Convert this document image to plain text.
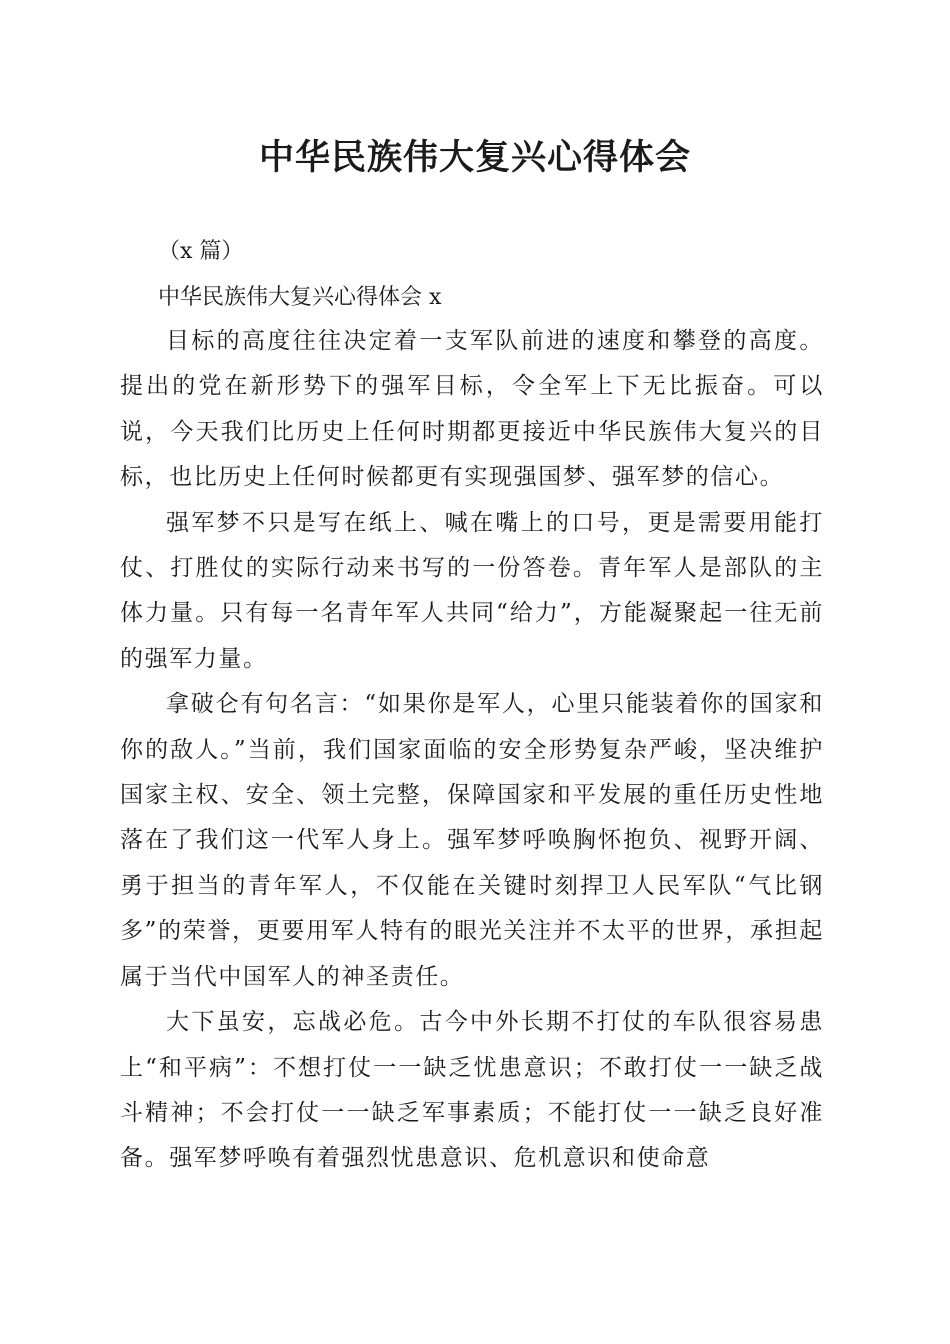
中华民族伟大复兴心得体会
（x 篇）
中华民族伟大复兴心得体会 x

目标的高度往往决定着一支军队前进的速度和攀登的高度。提出的党在新形势下的强军目标，令全军上下无比振奋。可以说，今天我们比历史上任何时期都更接近中华民族伟大复兴的目标，也比历史上任何时候都更有实现强国梦、强军梦的信心。

强军梦不只是写在纸上、喊在嘴上的口号，更是需要用能打仗、打胜仗的实际行动来书写的一份答卷。青年军人是部队的主体力量。只有每一名青年军人共同“给力”，方能凝聚起一往无前的强军力量。

拿破仑有句名言：“如果你是军人，心里只能装着你的国家和你的敌人。”当前，我们国家面临的安全形势复杂严峻，坚决维护国家主权、安全、领土完整，保障国家和平发展的重任历史性地落在了我们这一代军人身上。强军梦呼唤胸怀抱负、视野开阔、勇于担当的青年军人，不仅能在关键时刻捍卫人民军队“气比钢多”的荣誉，更要用军人特有的眼光关注并不太平的世界，承担起属于当代中国军人的神圣责任。

大下虽安，忘战必危。古今中外长期不打仗的车队很容易患上“和平病”：不想打仗一一缺乏忧患意识；不敢打仗一一缺乏战斗精神；不会打仗一一缺乏军事素质；不能打仗一一缺乏良好准备。强军梦呼唤有着强烈忧患意识、危机意识和使命意
